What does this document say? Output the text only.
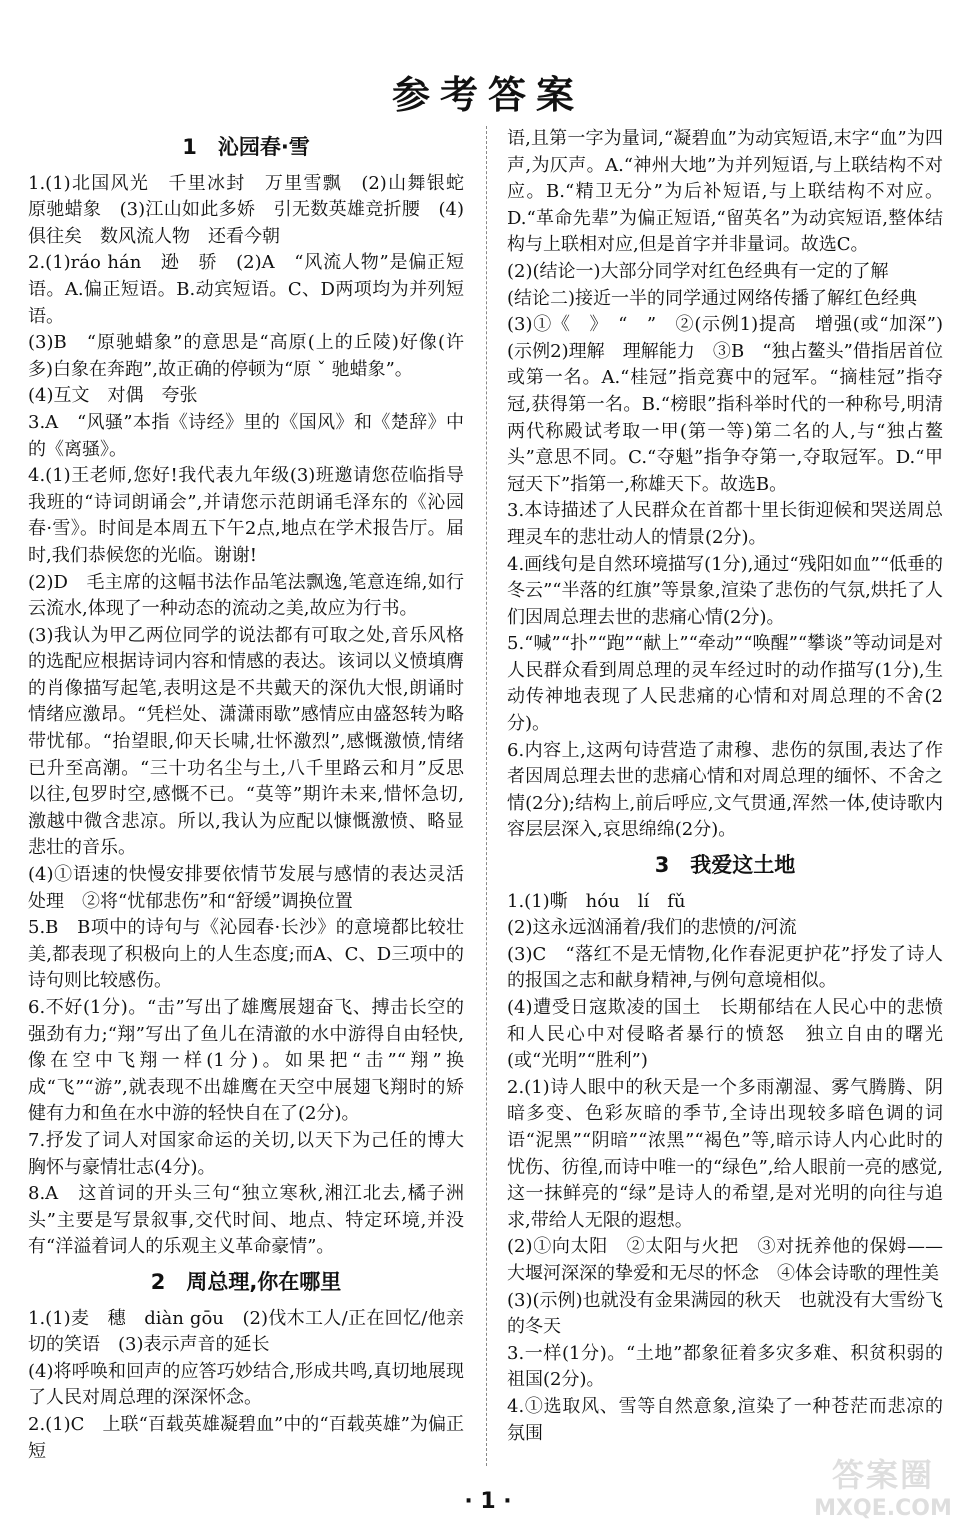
参考答案
1　沁园春·雪
1.(1)北国风光　千里冰封　万里雪飘　(2)山舞银蛇　原驰蜡象　(3)江山如此多娇　引无数英雄竞折腰　(4)俱往矣　数风流人物　还看今朝
2.(1)ráo hán　逊　骄　(2)A　“风流人物”是偏正短语。A.偏正短语。B.动宾短语。C、D两项均为并列短语。
(3)B　“原驰蜡象”的意思是“高原(上的丘陵)好像(许多)白象在奔跑”,故正确的停顿为“原 ˇ 驰蜡象”。
(4)互文　对偶　夸张
3.A　“风骚”本指《诗经》里的《国风》和《楚辞》中的《离骚》。
4.(1)王老师,您好!我代表九年级(3)班邀请您莅临指导我班的“诗词朗诵会”,并请您示范朗诵毛泽东的《沁园春·雪》。时间是本周五下午2点,地点在学术报告厅。届时,我们恭候您的光临。谢谢!
(2)D　毛主席的这幅书法作品笔法飘逸,笔意连绵,如行云流水,体现了一种动态的流动之美,故应为行书。
(3)我认为甲乙两位同学的说法都有可取之处,音乐风格的选配应根据诗词内容和情感的表达。该词以义愤填膺的肖像描写起笔,表明这是不共戴天的深仇大恨,朗诵时情绪应激昂。“凭栏处、潇潇雨歇”感情应由盛怒转为略带忧郁。“抬望眼,仰天长啸,壮怀激烈”,感慨激愤,情绪已升至高潮。“三十功名尘与土,八千里路云和月”反思以往,包罗时空,感慨不已。“莫等”期许未来,惜怀急切,激越中微含悲凉。所以,我认为应配以慷慨激愤、略显悲壮的音乐。
(4)①语速的快慢安排要依情节发展与感情的表达灵活处理　②将“忧郁悲伤”和“舒缓”调换位置
5.B　B项中的诗句与《沁园春·长沙》的意境都比较壮美,都表现了积极向上的人生态度;而A、C、D三项中的诗句则比较感伤。
6.不好(1分)。“击”写出了雄鹰展翅奋飞、搏击长空的强劲有力;“翔”写出了鱼儿在清澈的水中游得自由轻快,像在空中飞翔一样(1分)。如果把“击”“翔”换成“飞”“游”,就表现不出雄鹰在天空中展翅飞翔时的矫健有力和鱼在水中游的轻快自在了(2分)。
7.抒发了词人对国家命运的关切,以天下为己任的博大胸怀与豪情壮志(4分)。
8.A　这首词的开头三句“独立寒秋,湘江北去,橘子洲头”主要是写景叙事,交代时间、地点、特定环境,并没有“洋溢着词人的乐观主义革命豪情”。
2　周总理,你在哪里
1.(1)麦　穗　diàn gōu　(2)伐木工人/正在回忆/他亲切的笑语　(3)表示声音的延长
(4)将呼唤和回声的应答巧妙结合,形成共鸣,真切地展现了人民对周总理的深深怀念。
2.(1)C　上联“百载英雄凝碧血”中的“百载英雄”为偏正短
语,且第一字为量词,“凝碧血”为动宾短语,末字“血”为四声,为仄声。A.“神州大地”为并列短语,与上联结构不对应。B.“精卫无分”为后补短语,与上联结构不对应。D.“革命先辈”为偏正短语,“留英名”为动宾短语,整体结构与上联相对应,但是首字并非量词。故选C。
(2)(结论一)大部分同学对红色经典有一定的了解
(结论二)接近一半的同学通过网络传播了解红色经典
(3)①《　》　“　”　②(示例1)提高　增强(或“加深”)　(示例2)理解　理解能力　③B　“独占鳌头”借指居首位或第一名。A.“桂冠”指竞赛中的冠军。“摘桂冠”指夺冠,获得第一名。B.“榜眼”指科举时代的一种称号,明清两代称殿试考取一甲(第一等)第二名的人,与“独占鳌头”意思不同。C.“夺魁”指争夺第一,夺取冠军。D.“甲冠天下”指第一,称雄天下。故选B。
3.本诗描述了人民群众在首都十里长街迎候和哭送周总理灵车的悲壮动人的情景(2分)。
4.画线句是自然环境描写(1分),通过“残阳如血”“低垂的冬云”“半落的红旗”等景象,渲染了悲伤的气氛,烘托了人们因周总理去世的悲痛心情(2分)。
5.“喊”“扑”“跑”“献上”“牵动”“唤醒”“攀谈”等动词是对人民群众看到周总理的灵车经过时的动作描写(1分),生动传神地表现了人民悲痛的心情和对周总理的不舍(2分)。
6.内容上,这两句诗营造了肃穆、悲伤的氛围,表达了作者因周总理去世的悲痛心情和对周总理的缅怀、不舍之情(2分);结构上,前后呼应,文气贯通,浑然一体,使诗歌内容层层深入,哀思绵绵(2分)。
3　我爱这土地
1.(1)嘶　hóu　lí　fǔ
(2)这永远汹涌着/我们的悲愤的/河流
(3)C　“落红不是无情物,化作春泥更护花”抒发了诗人的报国之志和献身精神,与例句意境相似。
(4)遭受日寇欺凌的国土　长期郁结在人民心中的悲愤和人民心中对侵略者暴行的愤怒　独立自由的曙光(或“光明”“胜利”)
2.(1)诗人眼中的秋天是一个多雨潮湿、雾气腾腾、阴暗多变、色彩灰暗的季节,全诗出现较多暗色调的词语“泥黑”“阴暗”“浓黑”“褐色”等,暗示诗人内心此时的忧伤、彷徨,而诗中唯一的“绿色”,给人眼前一亮的感觉,这一抹鲜亮的“绿”是诗人的希望,是对光明的向往与追求,带给人无限的遐想。
(2)①向太阳　②太阳与火把　③对抚养他的保姆——大堰河深深的挚爱和无尽的怀念　④体会诗歌的理性美
(3)(示例)也就没有金果满园的秋天　也就没有大雪纷飞的冬天
3.一样(1分)。“土地”都象征着多灾多难、积贫积弱的祖国(2分)。
4.①选取风、雪等自然意象,渲染了一种苍茫而悲凉的氛围
· 1 ·
答案圈
MXQE.COM
